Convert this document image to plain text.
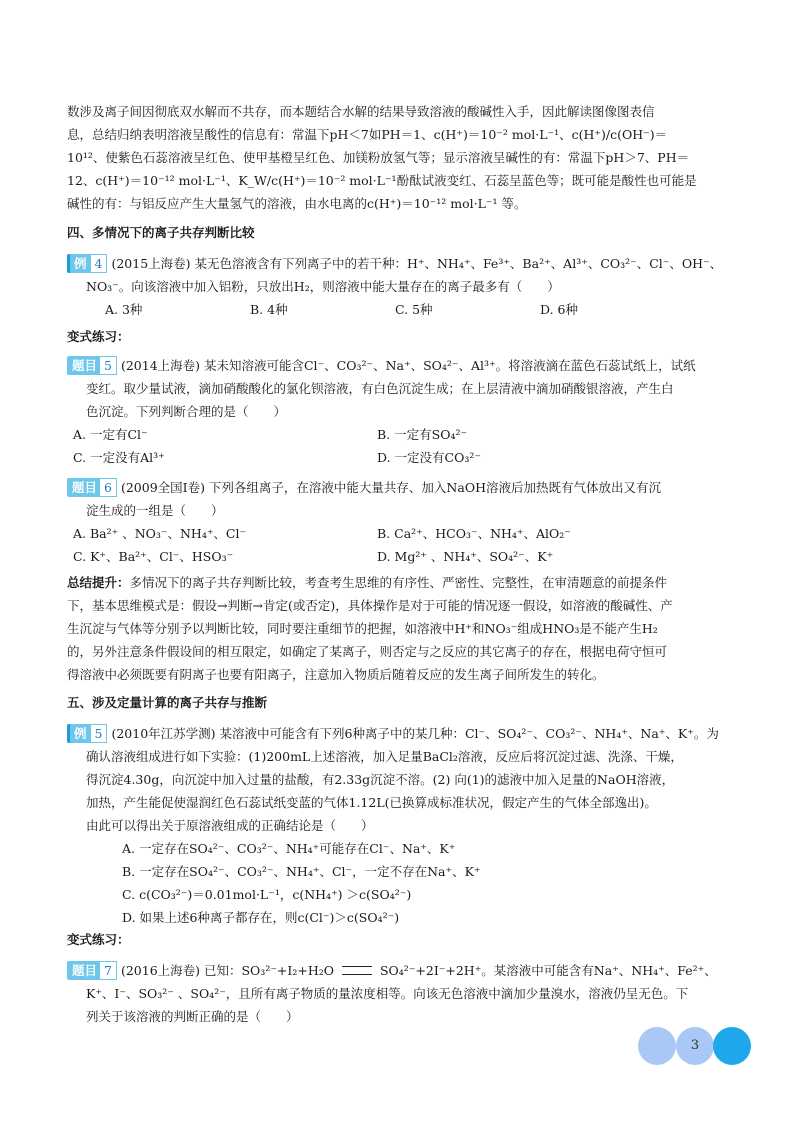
数涉及离子间因彻底双水解而不共存，而本题结合水解的结果导致溶液的酸碱性入手，因此解读图像图表信
息，总结归纳表明溶液呈酸性的信息有：常温下pH＜7如PH＝1、c(H⁺)＝10⁻² mol·L⁻¹、c(H⁺)/c(OH⁻)＝
10¹²、使紫色石蕊溶液呈红色、使甲基橙呈红色、加镁粉放氢气等；显示溶液呈碱性的有：常温下pH＞7、PH＝
12、c(H⁺)＝10⁻¹² mol·L⁻¹、K_W/c(H⁺)＝10⁻² mol·L⁻¹酚酞试液变红、石蕊呈蓝色等；既可能是酸性也可能是
碱性的有：与铝反应产生大量氢气的溶液，由水电离的c(H⁺)＝10⁻¹² mol·L⁻¹ 等。
四、多情况下的离子共存判断比较
例 4 (2015上海卷) 某无色溶液含有下列离子中的若干种：H⁺、NH₄⁺、Fe³⁺、Ba²⁺、Al³⁺、CO₃²⁻、Cl⁻、OH⁻、
NO₃⁻。向该溶液中加入铝粉，只放出H₂，则溶液中能大量存在的离子最多有（　　）
A. 3种	B. 4种	C. 5种	D. 6种
变式练习：
题目 5 (2014上海卷) 某未知溶液可能含Cl⁻、CO₃²⁻、Na⁺、SO₄²⁻、Al³⁺。将溶液滴在蓝色石蕊试纸上，试纸
变红。取少量试液，滴加硝酸酸化的氯化钡溶液，有白色沉淀生成；在上层清液中滴加硝酸银溶液，产生白
色沉淀。下列判断合理的是（　　）
A. 一定有Cl⁻	B. 一定有SO₄²⁻
C. 一定没有Al³⁺	D. 一定没有CO₃²⁻
题目 6 (2009全国Ⅰ卷) 下列各组离子，在溶液中能大量共存、加入NaOH溶液后加热既有气体放出又有沉
淀生成的一组是（　　）
A. Ba²⁺ 、NO₃⁻、NH₄⁺、Cl⁻	B. Ca²⁺、HCO₃⁻、NH₄⁺、AlO₂⁻
C. K⁺、Ba²⁺、Cl⁻、HSO₃⁻	D. Mg²⁺ 、NH₄⁺、SO₄²⁻、K⁺
总结提升：多情况下的离子共存判断比较，考查考生思维的有序性、严密性、完整性，在审清题意的前提条件
下，基本思维模式是：假设→判断→肯定(或否定)，具体操作是对于可能的情况逐一假设，如溶液的酸碱性、产
生沉淀与气体等分别予以判断比较，同时要注重细节的把握，如溶液中H⁺和NO₃⁻组成HNO₃是不能产生H₂
的，另外注意条件假设间的相互限定，如确定了某离子，则否定与之反应的其它离子的存在，根据电荷守恒可
得溶液中必须既要有阴离子也要有阳离子，注意加入物质后随着反应的发生离子间所发生的转化。
五、涉及定量计算的离子共存与推断
例 5 (2010年江苏学测) 某溶液中可能含有下列6种离子中的某几种：Cl⁻、SO₄²⁻、CO₃²⁻、NH₄⁺、Na⁺、K⁺。为
确认溶液组成进行如下实验：(1)200mL上述溶液，加入足量BaCl₂溶液，反应后将沉淀过滤、洗涤、干燥，
得沉淀4.30g，向沉淀中加入过量的盐酸，有2.33g沉淀不溶。(2) 向(1)的滤液中加入足量的NaOH溶液，
加热，产生能促使湿润红色石蕊试纸变蓝的气体1.12L(已换算成标准状况，假定产生的气体全部逸出)。
由此可以得出关于原溶液组成的正确结论是（　　）
A. 一定存在SO₄²⁻、CO₃²⁻、NH₄⁺可能存在Cl⁻、Na⁺、K⁺
B. 一定存在SO₄²⁻、CO₃²⁻、NH₄⁺、Cl⁻，一定不存在Na⁺、K⁺
C. c(CO₃²⁻)＝0.01mol·L⁻¹，c(NH₄⁺) ＞c(SO₄²⁻)
D. 如果上述6种离子都存在，则c(Cl⁻)＞c(SO₄²⁻)
变式练习：
题目 7 (2016上海卷) 已知：SO₃²⁻+I₂+H₂O	SO₄²⁻+2I⁻+2H⁺。某溶液中可能含有Na⁺、NH₄⁺、Fe²⁺、
K⁺、I⁻、SO₃²⁻ 、SO₄²⁻，且所有离子物质的量浓度相等。向该无色溶液中滴加少量溴水，溶液仍呈无色。下
列关于该溶液的判断正确的是（　　）
3
